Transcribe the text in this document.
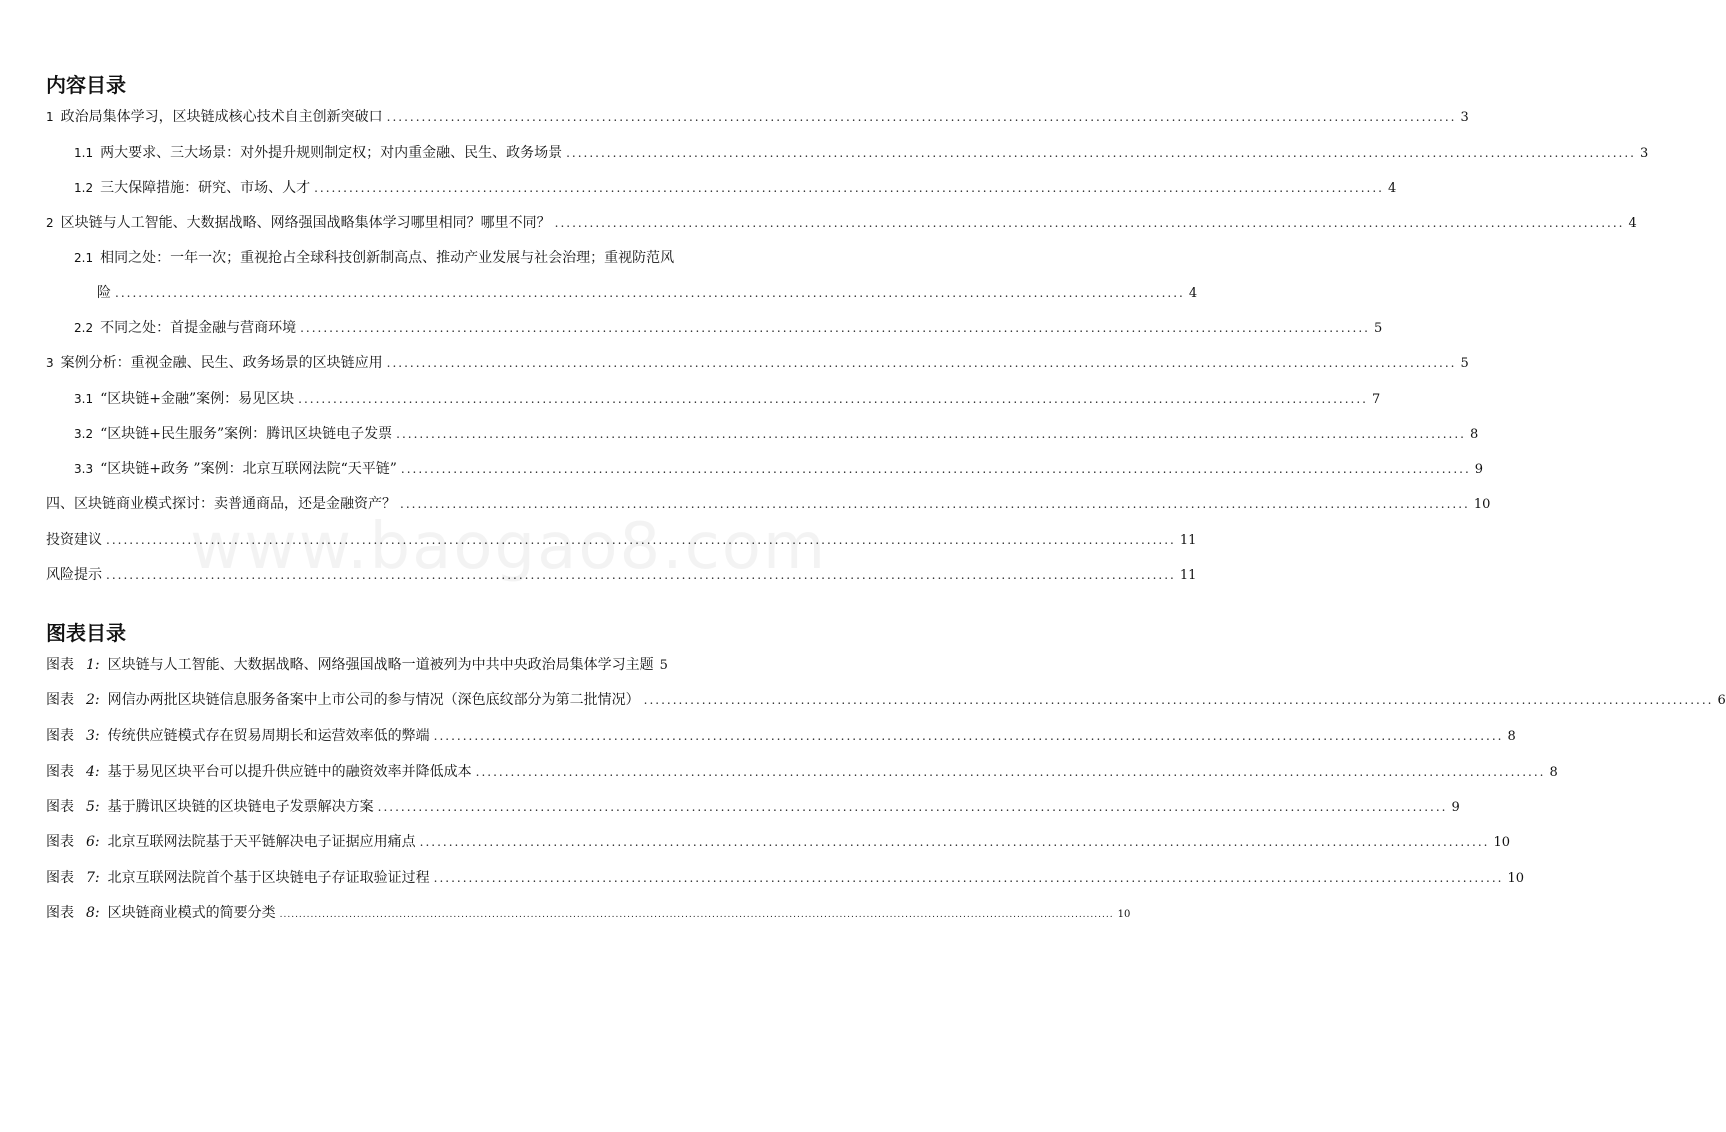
内容目录
1 政治局集体学习，区块链成核心技术自主创新突破口 ........................................................................................................................................................................................ 3
1.1 两大要求、三大场景：对外提升规则制定权；对内重金融、民生、政务场景 ........................................................................................................................................................................................ 3
1.2 三大保障措施：研究、市场、人才 ........................................................................................................................................................................................ 4
2 区块链与人工智能、大数据战略、网络强国战略集体学习哪里相同？哪里不同？ ........................................................................................................................................................................................ 4
2.1 相同之处：一年一次；重视抢占全球科技创新制高点、推动产业发展与社会治理；重视防范风
险 ........................................................................................................................................................................................ 4
2.2 不同之处：首提金融与营商环境 ........................................................................................................................................................................................ 5
3 案例分析：重视金融、民生、政务场景的区块链应用 ........................................................................................................................................................................................ 5
3.1 “区块链+金融”案例：易见区块 ........................................................................................................................................................................................ 7
3.2 “区块链+民生服务”案例：腾讯区块链电子发票 ........................................................................................................................................................................................ 8
3.3 “区块链+政务 ”案例：北京互联网法院“天平链” ........................................................................................................................................................................................ 9
四、区块链商业模式探讨：卖普通商品，还是金融资产？ ........................................................................................................................................................................................ 10
投资建议 ........................................................................................................................................................................................ 11
风险提示 ........................................................................................................................................................................................ 11
图表目录
图表 1: 区块链与人工智能、大数据战略、网络强国战略一道被列为中共中央政治局集体学习主题 5
图表 2: 网信办两批区块链信息服务备案中上市公司的参与情况（深色底纹部分为第二批情况） ........................................................................................................................................................................................ 6
图表 3: 传统供应链模式存在贸易周期长和运营效率低的弊端 ........................................................................................................................................................................................ 8
图表 4: 基于易见区块平台可以提升供应链中的融资效率并降低成本 ........................................................................................................................................................................................ 8
图表 5: 基于腾讯区块链的区块链电子发票解决方案 ........................................................................................................................................................................................ 9
图表 6: 北京互联网法院基于天平链解决电子证据应用痛点 ........................................................................................................................................................................................ 10
图表 7: 北京互联网法院首个基于区块链电子存证取验证过程 ........................................................................................................................................................................................ 10
图表 8: 区块链商业模式的简要分类 ........................................................................................................................................................................................................................ 10
